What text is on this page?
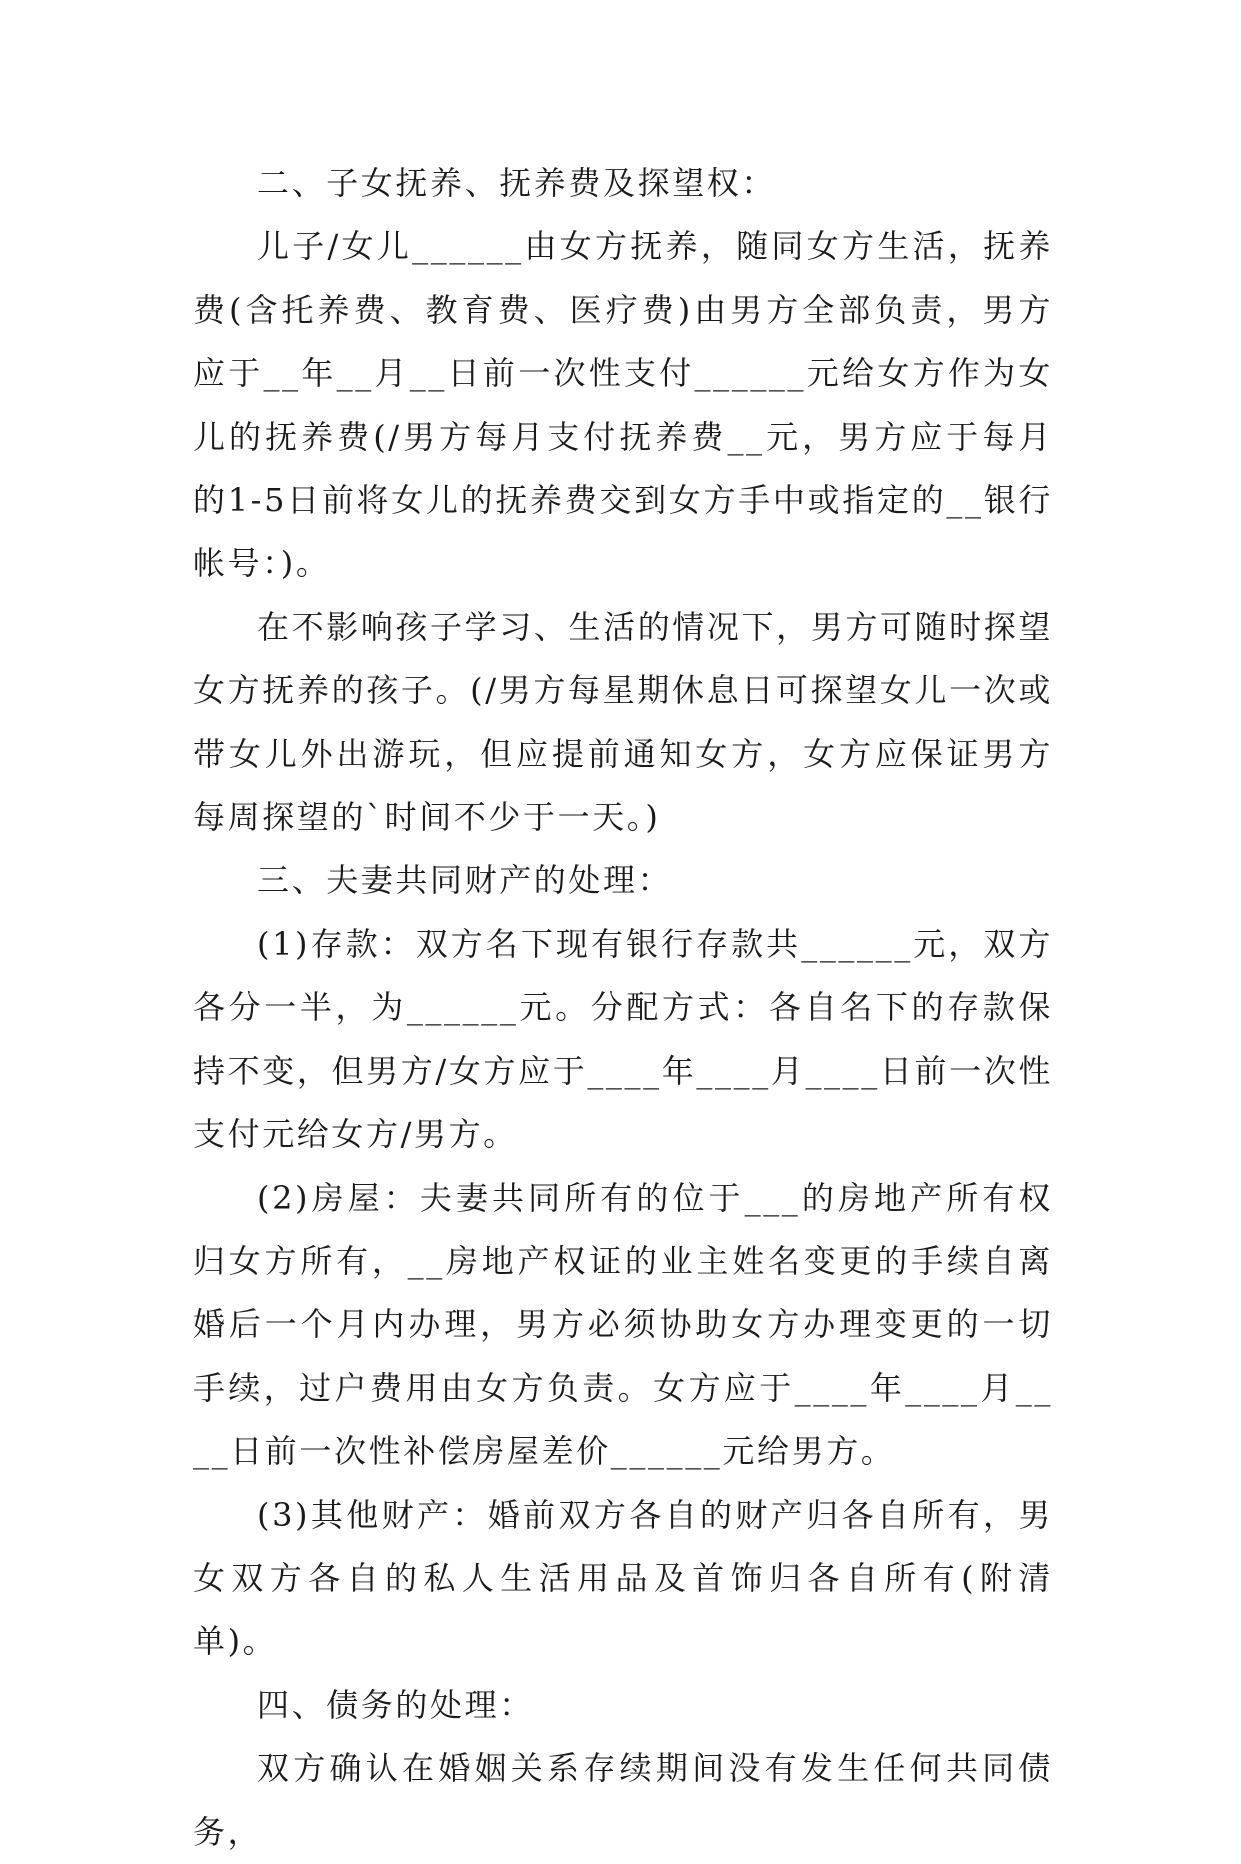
二、子女抚养、抚养费及探望权：

儿子/女儿______由女方抚养，随同女方生活，抚养费(含托养费、教育费、医疗费)由男方全部负责，男方应于__年__月__日前一次性支付______元给女方作为女儿的抚养费(/男方每月支付抚养费__元，男方应于每月的1-5日前将女儿的抚养费交到女方手中或指定的__银行帐号：)。

在不影响孩子学习、生活的情况下，男方可随时探望女方抚养的孩子。(/男方每星期休息日可探望女儿一次或带女儿外出游玩，但应提前通知女方，女方应保证男方每周探望的`时间不少于一天。)

三、夫妻共同财产的处理：

(1)存款：双方名下现有银行存款共______元，双方各分一半，为______元。分配方式：各自名下的存款保持不变，但男方/女方应于____年____月____日前一次性支付元给女方/男方。

(2)房屋：夫妻共同所有的位于___的房地产所有权归女方所有，__房地产权证的业主姓名变更的手续自离婚后一个月内办理，男方必须协助女方办理变更的一切手续，过户费用由女方负责。女方应于____年____月____日前一次性补偿房屋差价______元给男方。

(3)其他财产：婚前双方各自的财产归各自所有，男女双方各自的私人生活用品及首饰归各自所有(附清单)。

四、债务的处理：

双方确认在婚姻关系存续期间没有发生任何共同债务，
